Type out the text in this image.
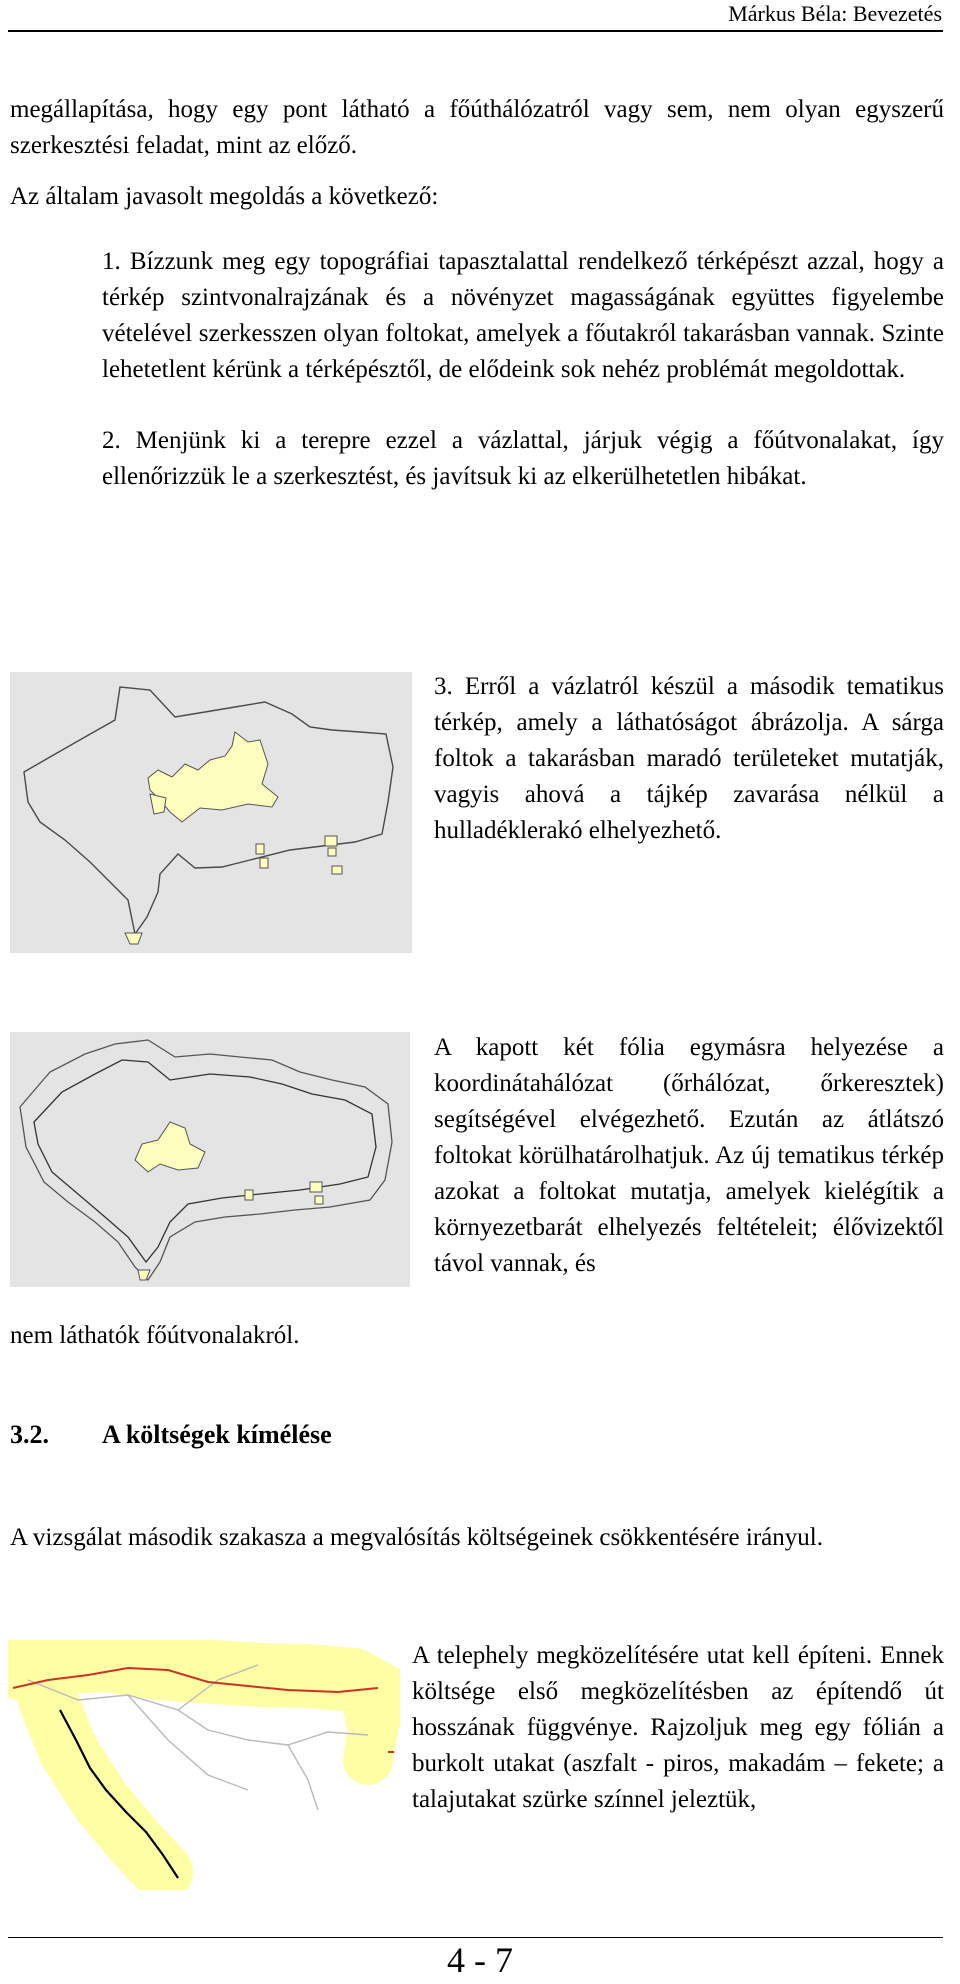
Márkus Béla: Bevezetés
megállapítása, hogy egy pont látható a főúthálózatról vagy sem, nem olyan egyszerű szerkesztési feladat, mint az előző.
Az általam javasolt megoldás a következő:
1. Bízzunk meg egy topográfiai tapasztalattal rendelkező térképészt azzal, hogy a térkép szintvonalrajzának és a növényzet magasságának együttes figyelembe vételével szerkesszen olyan foltokat, amelyek a főutakról takarásban vannak. Szinte lehetetlent kérünk a térképésztől, de elődeink sok nehéz problémát megoldottak.
2. Menjünk ki a terepre ezzel a vázlattal, járjuk végig a főútvonalakat, így ellenőrizzük le a szerkesztést, és javítsuk ki az elkerülhetetlen hibákat.
3. Erről a vázlatról készül a második tematikus térkép, amely a láthatóságot ábrázolja. A sárga foltok a takarásban maradó területeket mutatják, vagyis ahová a tájkép zavarása nélkül a hulladéklerakó elhelyezhető.
A kapott két fólia egymásra helyezése a koordinátahálózat (őrhálózat, őrkeresztek) segítségével elvégezhető. Ezután az átlátszó foltokat körülhatárolhatjuk. Az új tematikus térkép azokat a foltokat mutatja, amelyek kielégítik a környezetbarát elhelyezés feltételeit; élővizektől távol vannak, és
nem láthatók főútvonalakról.
3.2. A költségek kímélése
A vizsgálat második szakasza a megvalósítás költségeinek csökkentésére irányul.
A telephely megközelítésére utat kell építeni. Ennek költsége első megközelítésben az építendő út hosszának függvénye. Rajzoljuk meg egy fólián a burkolt utakat (aszfalt - piros, makadám – fekete; a talajutakat szürke színnel jeleztük,
4 - 7
